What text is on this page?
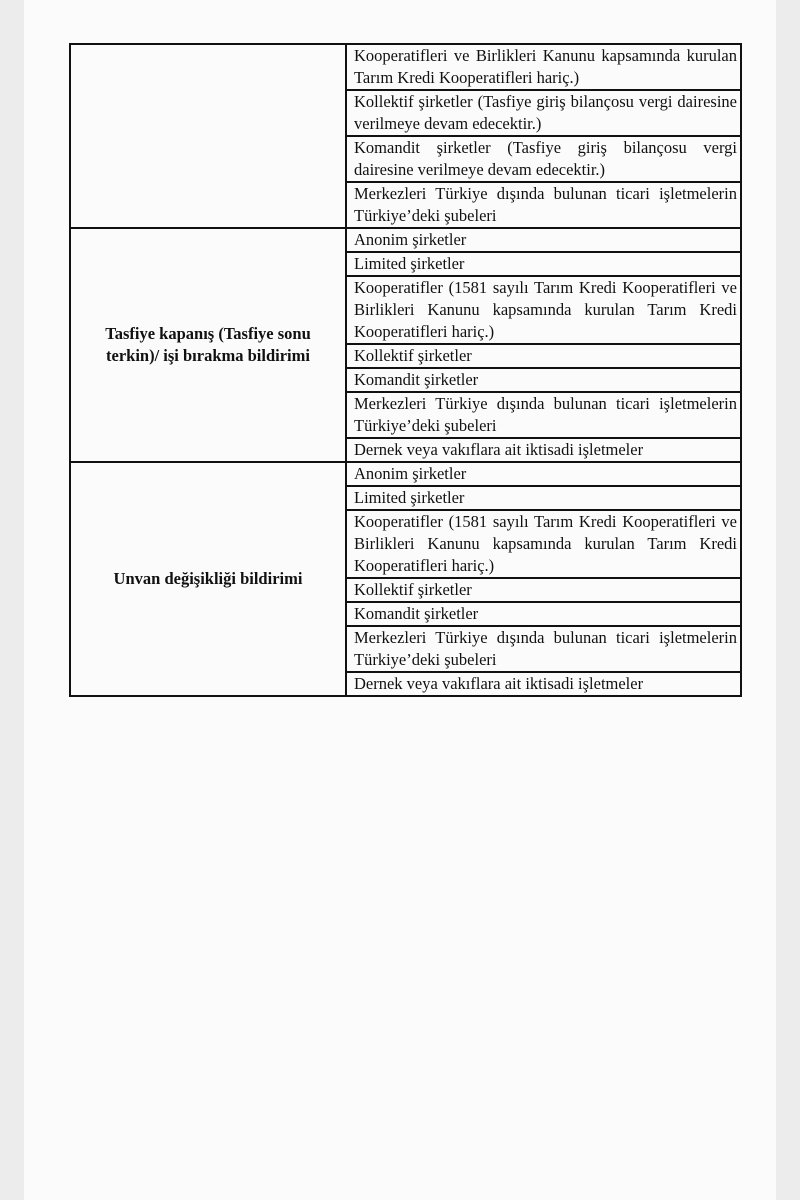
	Kooperatifleri ve Birlikleri Kanunu kapsamında kurulan Tarım Kredi Kooperatifleri hariç.)
	Kollektif şirketler (Tasfiye giriş bilançosu vergi dairesine verilmeye devam edecektir.)
	Komandit şirketler (Tasfiye giriş bilançosu vergi dairesine verilmeye devam edecektir.)
	Merkezleri Türkiye dışında bulunan ticari işletmelerin Türkiye’deki şubeleri
Tasfiye kapanış (Tasfiye sonu terkin)/ işi bırakma bildirimi	Anonim şirketler
	Limited şirketler
	Kooperatifler (1581 sayılı Tarım Kredi Kooperatifleri ve Birlikleri Kanunu kapsamında kurulan Tarım Kredi Kooperatifleri hariç.)
	Kollektif şirketler
	Komandit şirketler
	Merkezleri Türkiye dışında bulunan ticari işletmelerin Türkiye’deki şubeleri
	Dernek veya vakıflara ait iktisadi işletmeler
Unvan değişikliği bildirimi	Anonim şirketler
	Limited şirketler
	Kooperatifler (1581 sayılı Tarım Kredi Kooperatifleri ve Birlikleri Kanunu kapsamında kurulan Tarım Kredi Kooperatifleri hariç.)
	Kollektif şirketler
	Komandit şirketler
	Merkezleri Türkiye dışında bulunan ticari işletmelerin Türkiye’deki şubeleri
	Dernek veya vakıflara ait iktisadi işletmeler
